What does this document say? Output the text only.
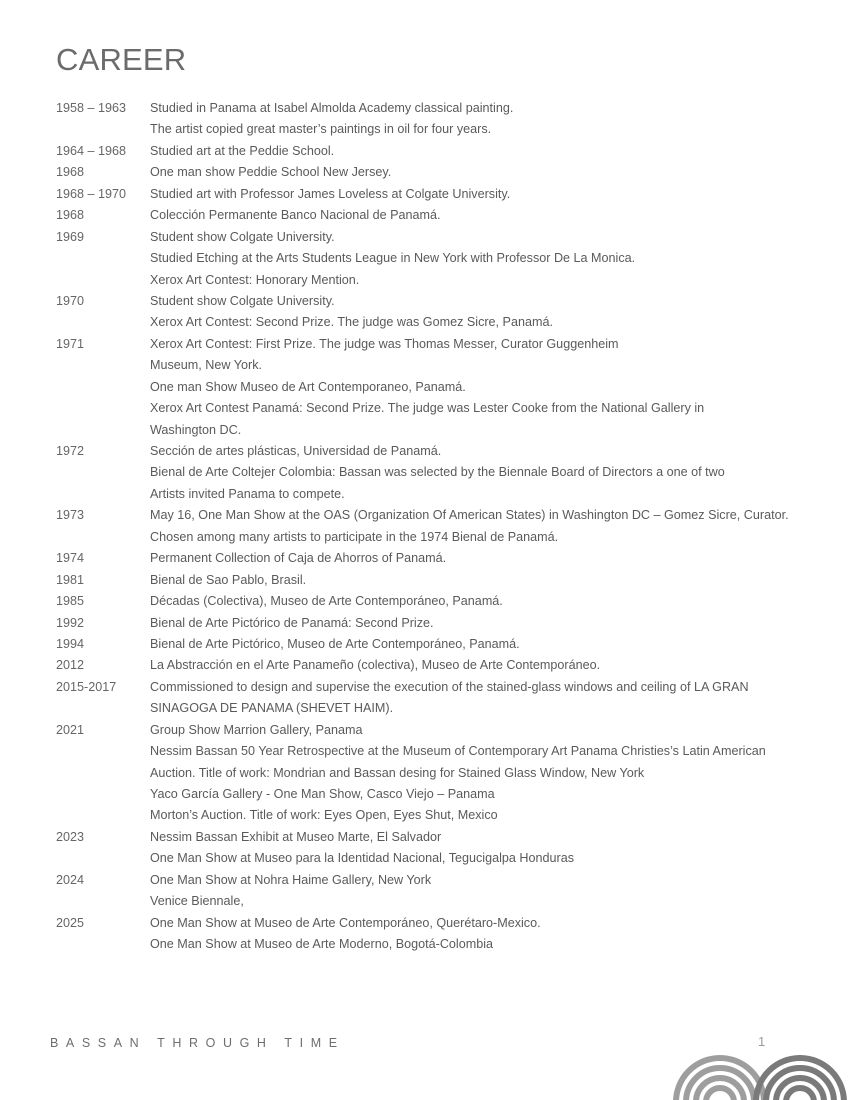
CAREER
1958 – 1963	Studied in Panama at Isabel Almolda Academy classical painting.
The artist copied great master’s paintings in oil for four years.
1964 – 1968	Studied art at the Peddie School.
1968	One man show Peddie School New Jersey.
1968 – 1970	Studied art with Professor James Loveless at Colgate University.
1968	Colección Permanente Banco Nacional de Panamá.
1969	Student show Colgate University.
Studied Etching at the Arts Students League in New York with Professor De La Monica.
Xerox Art Contest: Honorary Mention.
1970	Student show Colgate University.
Xerox Art Contest: Second Prize. The judge was Gomez Sicre, Panamá.
1971	Xerox Art Contest: First Prize. The judge was Thomas Messer, Curator Guggenheim
Museum, New York.
One man Show Museo de Art Contemporaneo, Panamá.
Xerox Art Contest Panamá: Second Prize. The judge was Lester Cooke from the National Gallery in
Washington DC.
1972	Sección de artes plásticas, Universidad de Panamá.
Bienal de Arte Coltejer Colombia: Bassan was selected by the Biennale Board of Directors a one of two
Artists invited Panama to compete.
1973	May 16, One Man Show at the OAS (Organization Of American States) in Washington DC – Gomez Sicre, Curator.
Chosen among many artists to participate in the 1974 Bienal de Panamá.
1974	Permanent Collection of Caja de Ahorros of Panamá.
1981	Bienal de Sao Pablo, Brasil.
1985	Décadas (Colectiva), Museo de Arte Contemporáneo, Panamá.
1992	Bienal de Arte Pictórico de Panamá: Second Prize.
1994	Bienal de Arte Pictórico, Museo de Arte Contemporáneo, Panamá.
2012	La Abstracción en el Arte Panameño (colectiva), Museo de Arte Contemporáneo.
2015-2017	Commissioned to design and supervise the execution of the stained-glass windows and ceiling of LA GRAN
SINAGOGA DE PANAMA (SHEVET HAIM).
2021	Group Show Marrion Gallery, Panama
Nessim Bassan 50 Year Retrospective at the Museum of Contemporary Art Panama Christies’s Latin American
Auction. Title of work: Mondrian and Bassan desing for Stained Glass Window, New York
Yaco García Gallery - One Man Show, Casco Viejo – Panama
Morton’s Auction. Title of work: Eyes Open, Eyes Shut, Mexico
2023	Nessim Bassan Exhibit at Museo Marte, El Salvador
One Man Show at Museo para la Identidad Nacional, Tegucigalpa Honduras
2024	One Man Show at Nohra Haime Gallery, New York
Venice Biennale,
2025	One Man Show at Museo de Arte Contemporáneo, Querétaro-Mexico.
One Man Show at Museo de Arte Moderno, Bogotá-Colombia
BASSAN THROUGH TIME	1
